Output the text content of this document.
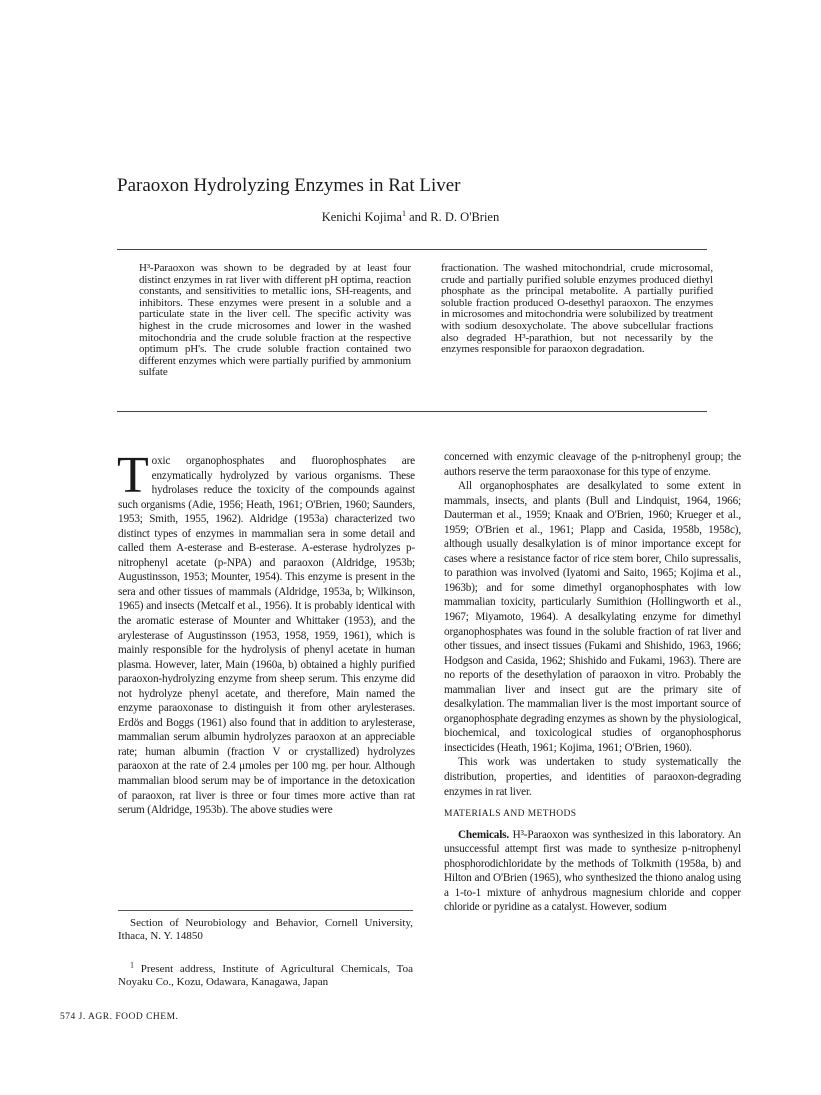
Paraoxon Hydrolyzing Enzymes in Rat Liver
Kenichi Kojima$^1$ and R. D. O'Brien
H³-Paraoxon was shown to be degraded by at least four distinct enzymes in rat liver with different pH optima, reaction constants, and sensitivities to metallic ions, SH-reagents, and inhibitors. These enzymes were present in a soluble and a particulate state in the liver cell. The specific activity was highest in the crude microsomes and lower in the washed mitochondria and the crude soluble fraction at the respective optimum pH's. The crude soluble fraction contained two different enzymes which were partially purified by ammonium sulfate
fractionation. The washed mitochondrial, crude microsomal, crude and partially purified soluble enzymes produced diethyl phosphate as the principal metabolite. A partially purified soluble fraction produced O-desethyl paraoxon. The enzymes in microsomes and mitochondria were solubilized by treatment with sodium desoxycholate. The above subcellular fractions also degraded H³-parathion, but not necessarily by the enzymes responsible for paraoxon degradation.

Toxic organophosphates and fluorophosphates are enzymatically hydrolyzed by various organisms. These hydrolases reduce the toxicity of the compounds against such organisms (Adie, 1956; Heath, 1961; O'Brien, 1960; Saunders, 1953; Smith, 1955, 1962). Aldridge (1953a) characterized two distinct types of enzymes in mammalian sera in some detail and called them A-esterase and B-esterase. A-esterase hydrolyzes p-nitrophenyl acetate (p-NPA) and paraoxon (Aldridge, 1953b; Augustinsson, 1953; Mounter, 1954). This enzyme is present in the sera and other tissues of mammals (Aldridge, 1953a, b; Wilkinson, 1965) and insects (Metcalf et al., 1956). It is probably identical with the aromatic esterase of Mounter and Whittaker (1953), and the arylesterase of Augustinsson (1953, 1958, 1959, 1961), which is mainly responsible for the hydrolysis of phenyl acetate in human plasma. However, later, Main (1960a, b) obtained a highly purified paraoxon-hydrolyzing enzyme from sheep serum. This enzyme did not hydrolyze phenyl acetate, and therefore, Main named the enzyme paraoxonase to distinguish it from other arylesterases. Erdös and Boggs (1961) also found that in addition to arylesterase, mammalian serum albumin hydrolyzes paraoxon at an appreciable rate; human albumin (fraction V or crystallized) hydrolyzes paraoxon at the rate of 2.4 μmoles per 100 mg. per hour. Although mammalian blood serum may be of importance in the detoxication of paraoxon, rat liver is three or four times more active than rat serum (Aldridge, 1953b). The above studies were

concerned with enzymic cleavage of the p-nitrophenyl group; the authors reserve the term paraoxonase for this type of enzyme.

All organophosphates are desalkylated to some extent in mammals, insects, and plants (Bull and Lindquist, 1964, 1966; Dauterman et al., 1959; Knaak and O'Brien, 1960; Krueger et al., 1959; O'Brien et al., 1961; Plapp and Casida, 1958b, 1958c), although usually desalkylation is of minor importance except for cases where a resistance factor of rice stem borer, Chilo supressalis, to parathion was involved (Iyatomi and Saito, 1965; Kojima et al., 1963b); and for some dimethyl organophosphates with low mammalian toxicity, particularly Sumithion (Hollingworth et al., 1967; Miyamoto, 1964). A desalkylating enzyme for dimethyl organophosphates was found in the soluble fraction of rat liver and other tissues, and insect tissues (Fukami and Shishido, 1963, 1966; Hodgson and Casida, 1962; Shishido and Fukami, 1963). There are no reports of the desethylation of paraoxon in vitro. Probably the mammalian liver and insect gut are the primary site of desalkylation. The mammalian liver is the most important source of organophosphate degrading enzymes as shown by the physiological, biochemical, and toxicological studies of organophosphorus insecticides (Heath, 1961; Kojima, 1961; O'Brien, 1960).

This work was undertaken to study systematically the distribution, properties, and identities of paraoxon-degrading enzymes in rat liver.

MATERIALS AND METHODS

Chemicals. H³-Paraoxon was synthesized in this laboratory. An unsuccessful attempt first was made to synthesize p-nitrophenyl phosphorodichloridate by the methods of Tolkmith (1958a, b) and Hilton and O'Brien (1965), who synthesized the thiono analog using a 1-to-1 mixture of anhydrous magnesium chloride and copper chloride or pyridine as a catalyst. However, sodium

Section of Neurobiology and Behavior, Cornell University, Ithaca, N. Y. 14850

$^1$ Present address, Institute of Agricultural Chemicals, Toa Noyaku Co., Kozu, Odawara, Kanagawa, Japan

574 J. AGR. FOOD CHEM.
